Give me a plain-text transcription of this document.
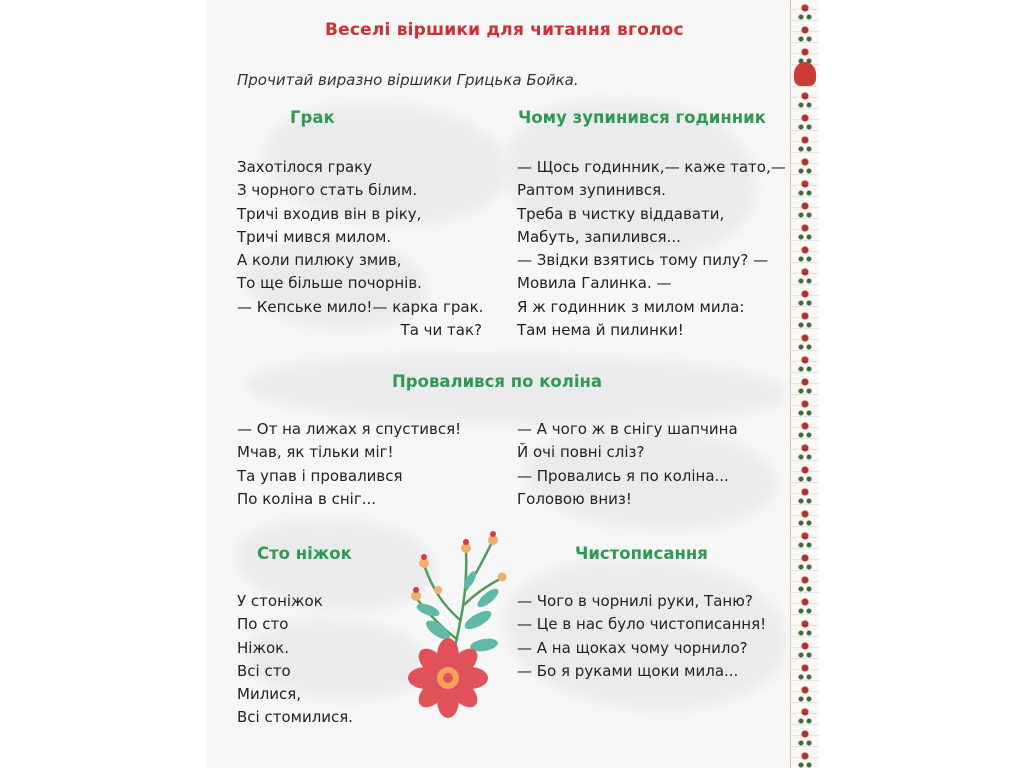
Веселі віршики для читання вголос
Прочитай виразно віршики Грицька Бойка.
Грак
Захотілося граку
З чорного стать білим.
Тричі входив він в ріку,
Тричі мився милом.
А коли пилюку змив,
То ще більше почорнів.
— Кепське мило!— карка грак.
Та чи так?
Чому зупинився годинник
— Щось годинник,— каже тато,—
Раптом зупинився.
Треба в чистку віддавати,
Мабуть, запилився...
— Звідки взятись тому пилу? —
Мовила Галинка. —
Я ж годинник з милом мила:
Там нема й пилинки!
Провалився по коліна
— От на лижах я спустився!
Мчав, як тільки міг!
Та упав і провалився
По коліна в сніг...
— А чого ж в снігу шапчина
Й очі повні сліз?
— Провались я по коліна...
Головою вниз!
Сто ніжок
У стоніжок
По сто
Ніжок.
Всі сто
Милися,
Всі стомилися.
Чистописання
— Чого в чорнилі руки, Таню?
— Це в нас було чистописання!
— А на щоках чому чорнило?
— Бо я руками щоки мила...
